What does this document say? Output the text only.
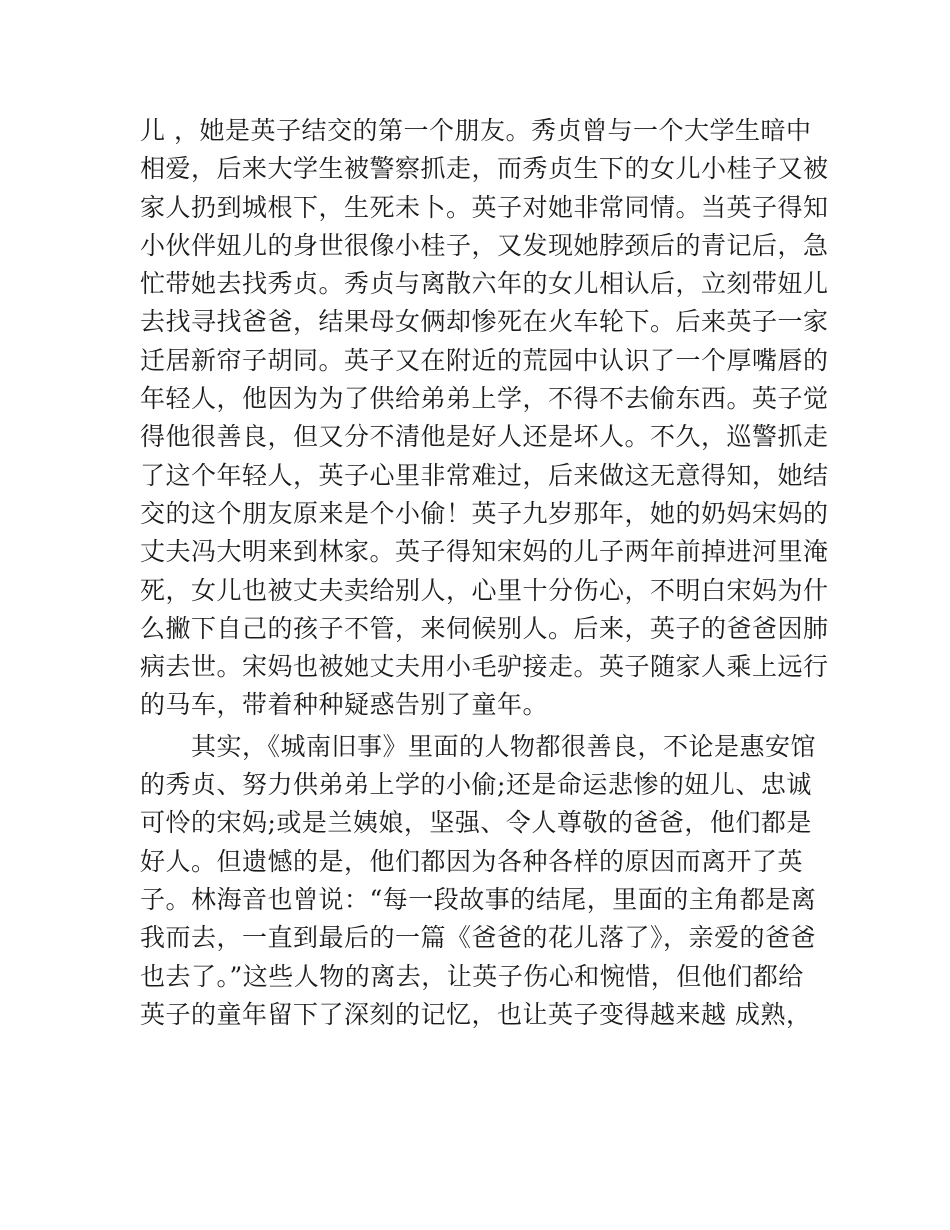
儿 ，她是英子结交的第一个朋友。秀贞曾与一个大学生暗中
相爱，后来大学生被警察抓走，而秀贞生下的女儿小桂子又被
家人扔到城根下，生死未卜。英子对她非常同情。当英子得知
小伙伴妞儿的身世很像小桂子，又发现她脖颈后的青记后，急
忙带她去找秀贞。秀贞与离散六年的女儿相认后，立刻带妞儿
去找寻找爸爸，结果母女俩却惨死在火车轮下。后来英子一家
迁居新帘子胡同。英子又在附近的荒园中认识了一个厚嘴唇的
年轻人，他因为为了供给弟弟上学，不得不去偷东西。英子觉
得他很善良，但又分不清他是好人还是坏人。不久，巡警抓走
了这个年轻人，英子心里非常难过，后来做这无意得知，她结
交的这个朋友原来是个小偷！英子九岁那年，她的奶妈宋妈的
丈夫冯大明来到林家。英子得知宋妈的儿子两年前掉进河里淹
死，女儿也被丈夫卖给别人，心里十分伤心，不明白宋妈为什
么撇下自己的孩子不管，来伺候别人。后来，英子的爸爸因肺
病去世。宋妈也被她丈夫用小毛驴接走。英子随家人乘上远行
的马车，带着种种疑惑告别了童年。
　　其实，《城南旧事》里面的人物都很善良，不论是惠安馆
的秀贞、努力供弟弟上学的小偷;还是命运悲惨的妞儿、忠诚
可怜的宋妈;或是兰姨娘，坚强、令人尊敬的爸爸，他们都是
好人。但遗憾的是，他们都因为各种各样的原因而离开了英
子。林海音也曾说：“每一段故事的结尾，里面的主角都是离
我而去，一直到最后的一篇《爸爸的花儿落了》，亲爱的爸爸
也去了。”这些人物的离去，让英子伤心和惋惜，但他们都给
英子的童年留下了深刻的记忆，也让英子变得越来越 成熟，
